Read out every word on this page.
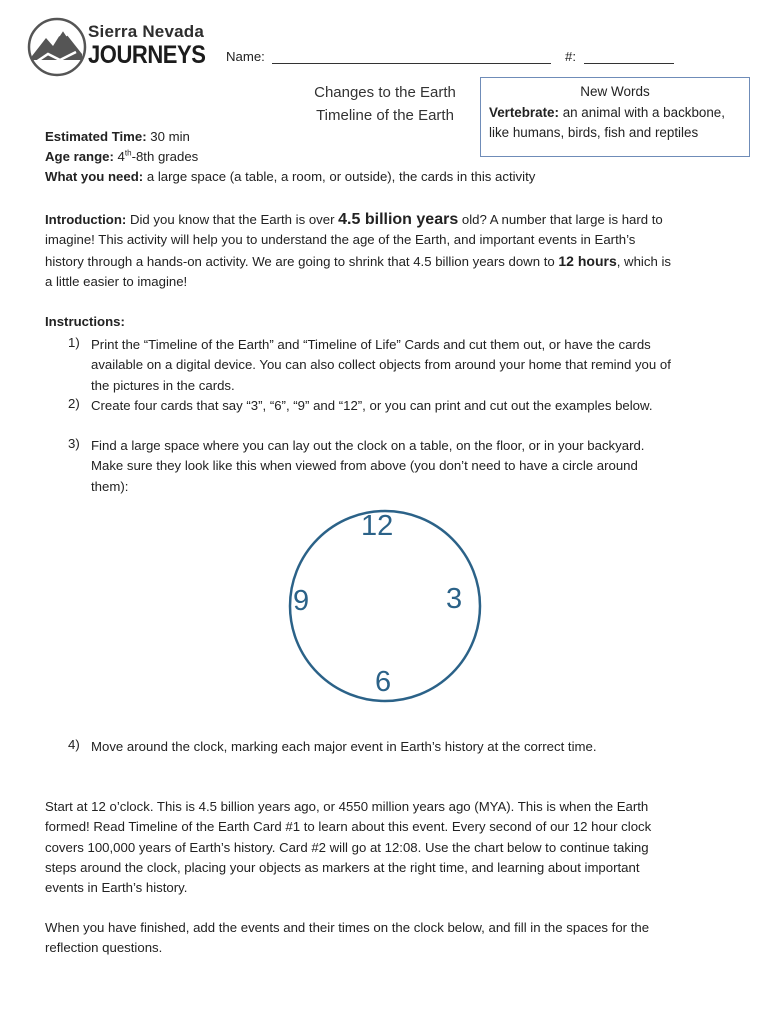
Sierra Nevada
JOURNEYS Name:	#:
Changes to the Earth
Timeline of the Earth
New Words
Vertebrate: an animal with a backbone,
like humans, birds, fish and reptiles
Estimated Time: 30 min
Age range: 4th-8th grades
What you need: a large space (a table, a room, or outside), the cards in this activity
Introduction: Did you know that the Earth is over 4.5 billion years old? A number that large is hard to
imagine! This activity will help you to understand the age of the Earth, and important events in Earth’s
history through a hands-on activity. We are going to shrink that 4.5 billion years down to 12 hours, which is
a little easier to imagine!
Instructions:
1) Print the “Timeline of the Earth” and “Timeline of Life” Cards and cut them out, or have the cards
available on a digital device. You can also collect objects from around your home that remind you of
the pictures in the cards.
2) Create four cards that say “3”, “6”, “9” and “12”, or you can print and cut out the examples below.
3) Find a large space where you can lay out the clock on a table, on the floor, or in your backyard.
Make sure they look like this when viewed from above (you don’t need to have a circle around
them):
12
3
6
9
4) Move around the clock, marking each major event in Earth’s history at the correct time.
Start at 12 o’clock. This is 4.5 billion years ago, or 4550 million years ago (MYA). This is when the Earth
formed! Read Timeline of the Earth Card #1 to learn about this event. Every second of our 12 hour clock
covers 100,000 years of Earth’s history. Card #2 will go at 12:08. Use the chart below to continue taking
steps around the clock, placing your objects as markers at the right time, and learning about important
events in Earth’s history.
When you have finished, add the events and their times on the clock below, and fill in the spaces for the
reflection questions.
